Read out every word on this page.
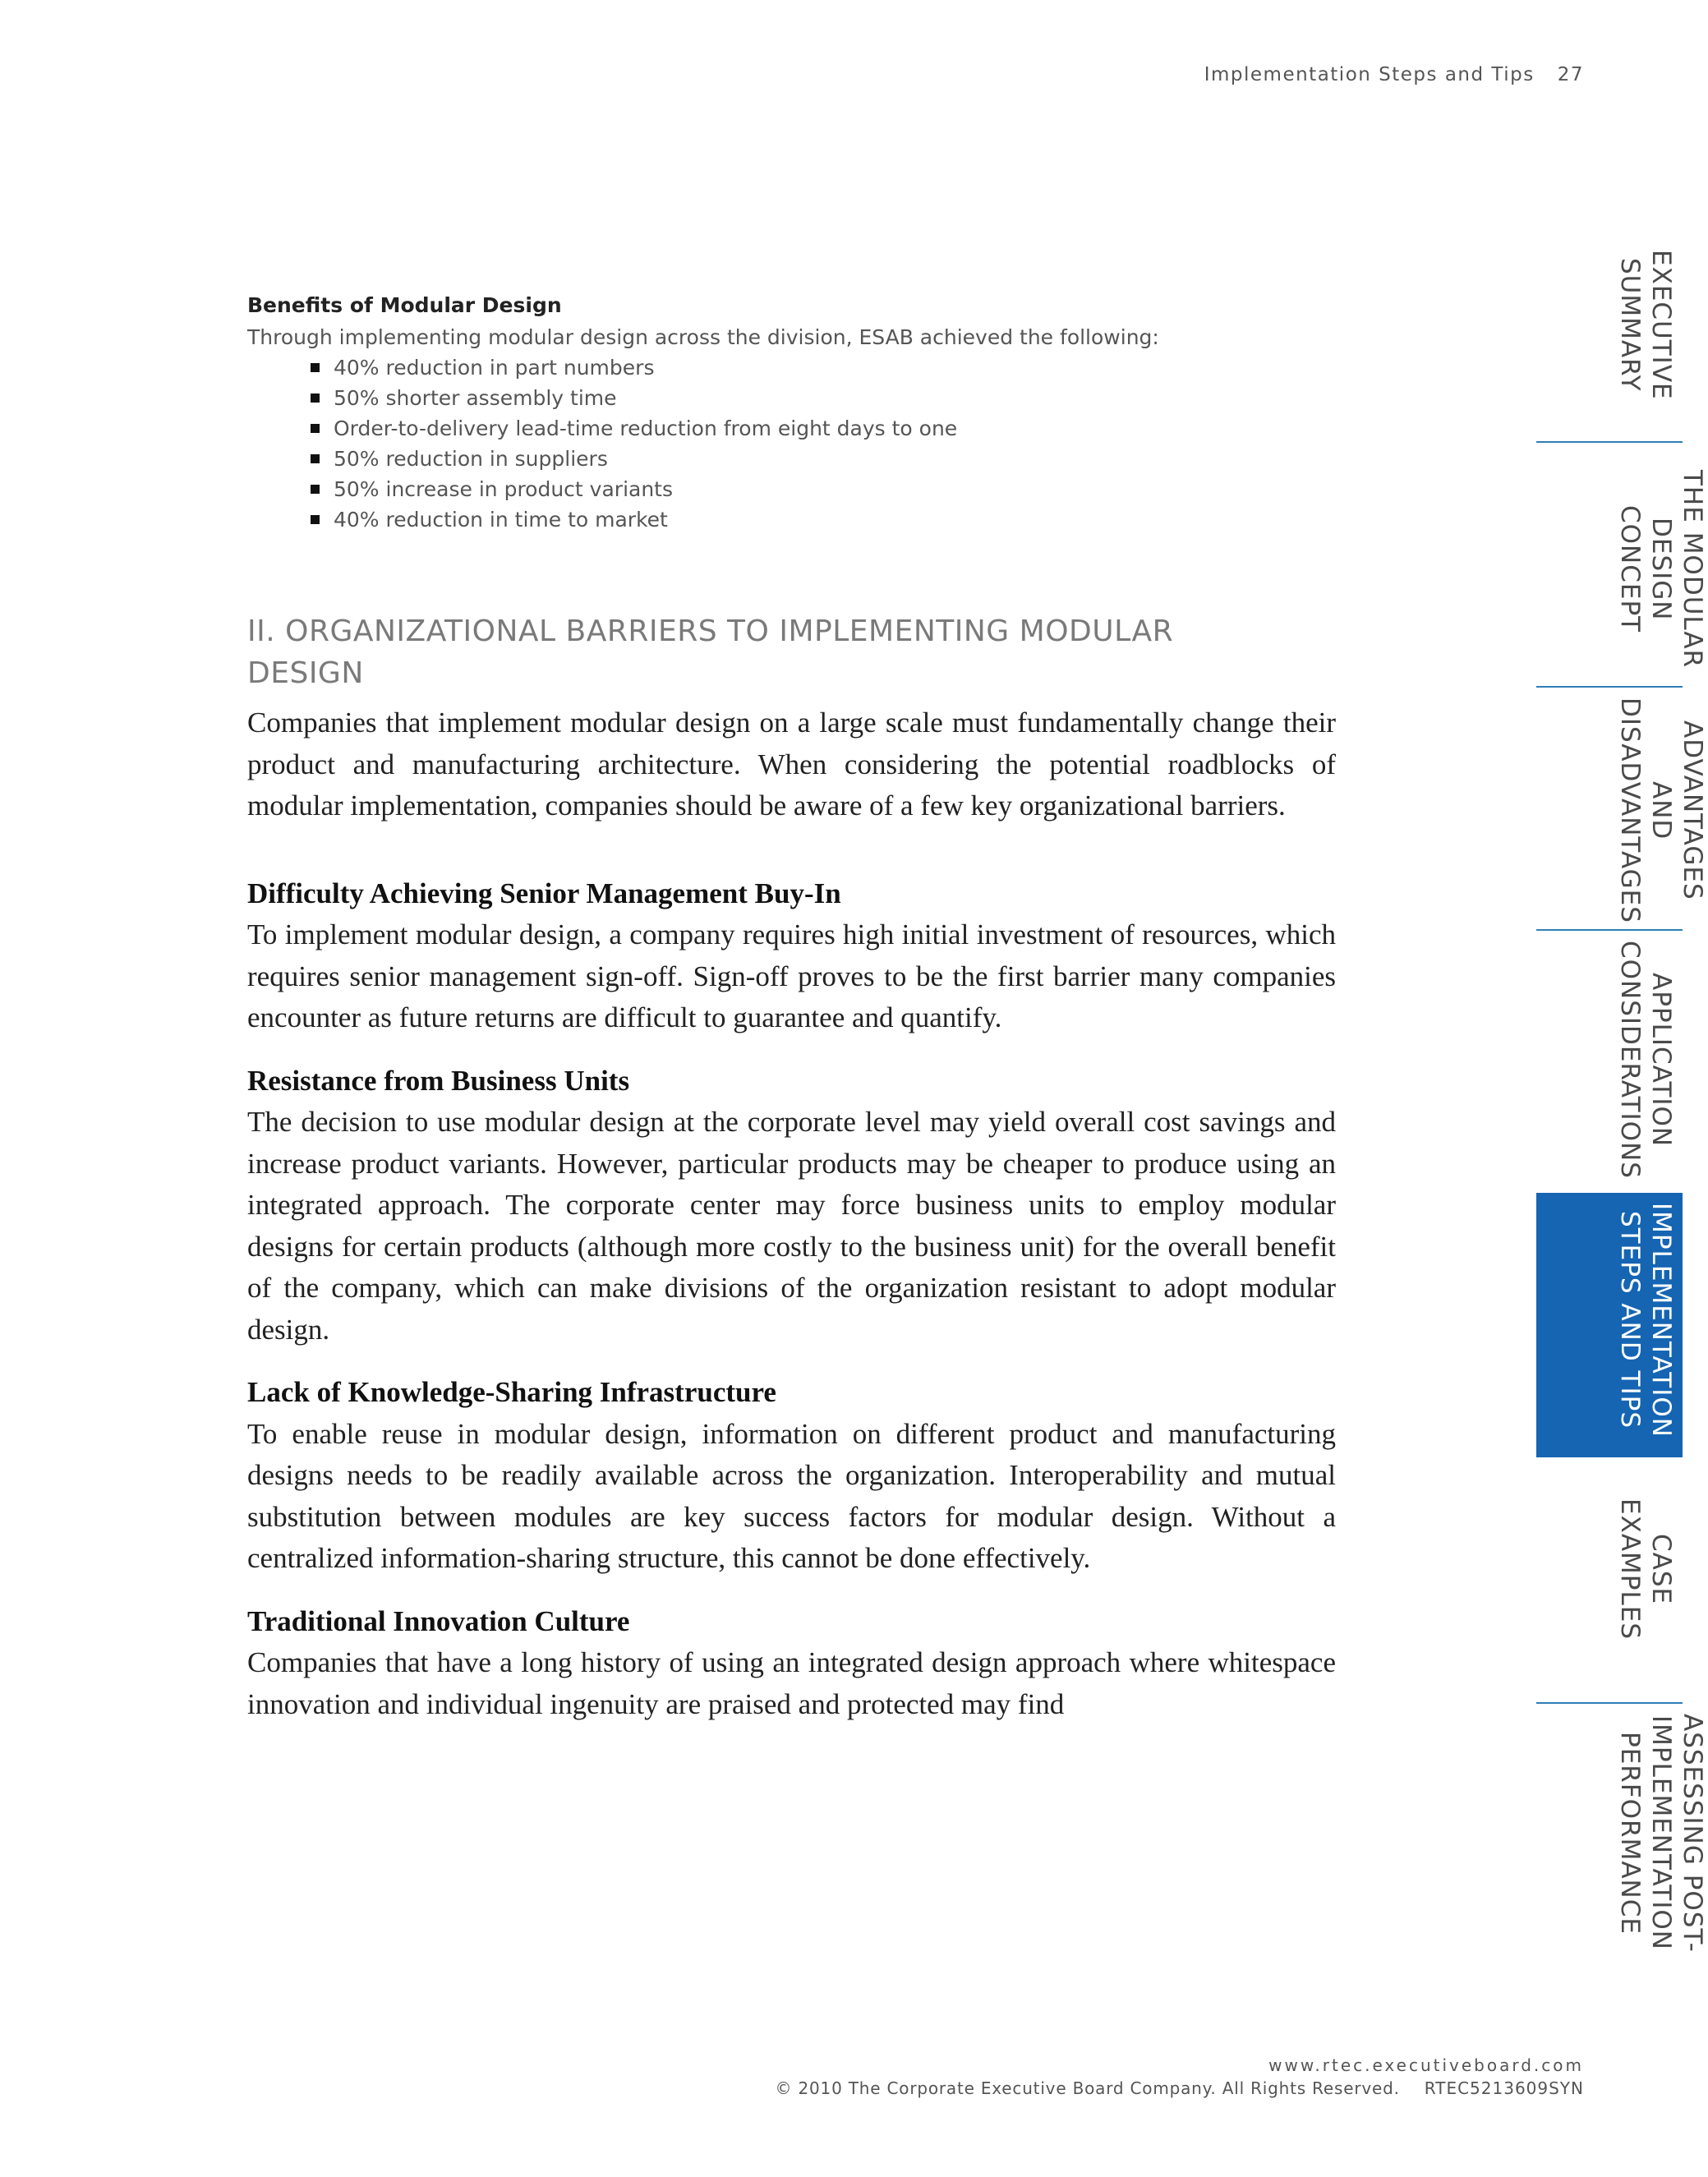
Implementation Steps and Tips 27

Benefits of Modular Design

Through implementing modular design across the division, ESAB achieved the following:

40% reduction in part numbers
50% shorter assembly time
Order-to-delivery lead-time reduction from eight days to one
50% reduction in suppliers
50% increase in product variants
40% reduction in time to market
II. ORGANIZATIONAL BARRIERS TO IMPLEMENTING MODULAR DESIGN

Companies that implement modular design on a large scale must fundamentally change their product and manufacturing architecture. When considering the potential roadblocks of modular implementation, companies should be aware of a few key organizational barriers.

Difficulty Achieving Senior Management Buy-In

To implement modular design, a company requires high initial investment of resources, which requires senior management sign-off. Sign-off proves to be the first barrier many companies encounter as future returns are difficult to guarantee and quantify.

Resistance from Business Units

The decision to use modular design at the corporate level may yield overall cost savings and increase product variants. However, particular products may be cheaper to produce using an integrated approach. The corporate center may force business units to employ modular designs for certain products (although more costly to the business unit) for the overall benefit of the company, which can make divisions of the organization resistant to adopt modular design.

Lack of Knowledge-Sharing Infrastructure

To enable reuse in modular design, information on different product and manufacturing designs needs to be readily available across the organization. Interoperability and mutual substitution between modules are key success factors for modular design. Without a centralized information-sharing structure, this cannot be done effectively.

Traditional Innovation Culture

Companies that have a long history of using an integrated design approach where whitespace innovation and individual ingenuity are praised and protected may find

EXECUTIVE
SUMMARY
THE MODULAR
DESIGN CONCEPT
ADVANTAGES
AND
DISADVANTAGES
APPLICATION
CONSIDERATIONS
IMPLEMENTATION
STEPS AND TIPS
CASE
EXAMPLES
ASSESSING POST-
IMPLEMENTATION
PERFORMANCE
www.rtec.executiveboard.com
© 2010 The Corporate Executive Board Company. All Rights Reserved. RTEC5213609SYN
